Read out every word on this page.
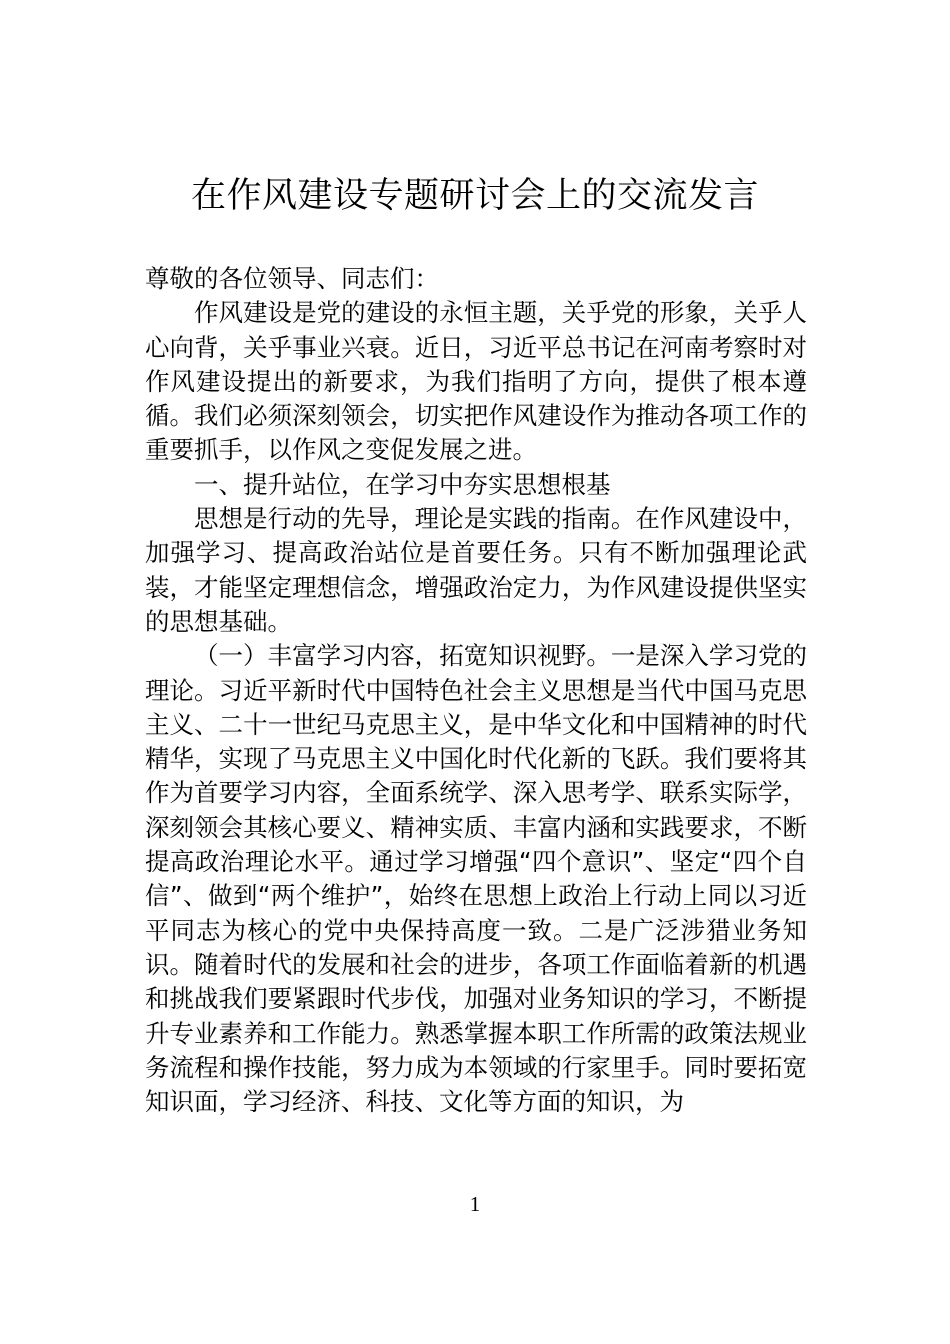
在作风建设专题研讨会上的交流发言

尊敬的各位领导、同志们：

作风建设是党的建设的永恒主题，关乎党的形象，关乎人心向背，关乎事业兴衰。近日，习近平总书记在河南考察时对作风建设提出的新要求，为我们指明了方向，提供了根本遵循。我们必须深刻领会，切实把作风建设作为推动各项工作的重要抓手，以作风之变促发展之进。

一、提升站位，在学习中夯实思想根基

思想是行动的先导，理论是实践的指南。在作风建设中，加强学习、提高政治站位是首要任务。只有不断加强理论武装，才能坚定理想信念，增强政治定力，为作风建设提供坚实的思想基础。

（一）丰富学习内容，拓宽知识视野。一是深入学习党的理论。习近平新时代中国特色社会主义思想是当代中国马克思主义、二十一世纪马克思主义，是中华文化和中国精神的时代精华，实现了马克思主义中国化时代化新的飞跃。我们要将其作为首要学习内容，全面系统学、深入思考学、联系实际学，深刻领会其核心要义、精神实质、丰富内涵和实践要求，不断提高政治理论水平。通过学习增强“四个意识”、坚定“四个自信”、做到“两个维护”，始终在思想上政治上行动上同以习近平同志为核心的党中央保持高度一致。二是广泛涉猎业务知识。随着时代的发展和社会的进步，各项工作面临着新的机遇和挑战我们要紧跟时代步伐，加强对业务知识的学习，不断提升专业素养和工作能力。熟悉掌握本职工作所需的政策法规业务流程和操作技能，努力成为本领域的行家里手。同时要拓宽知识面，学习经济、科技、文化等方面的知识，为

1
